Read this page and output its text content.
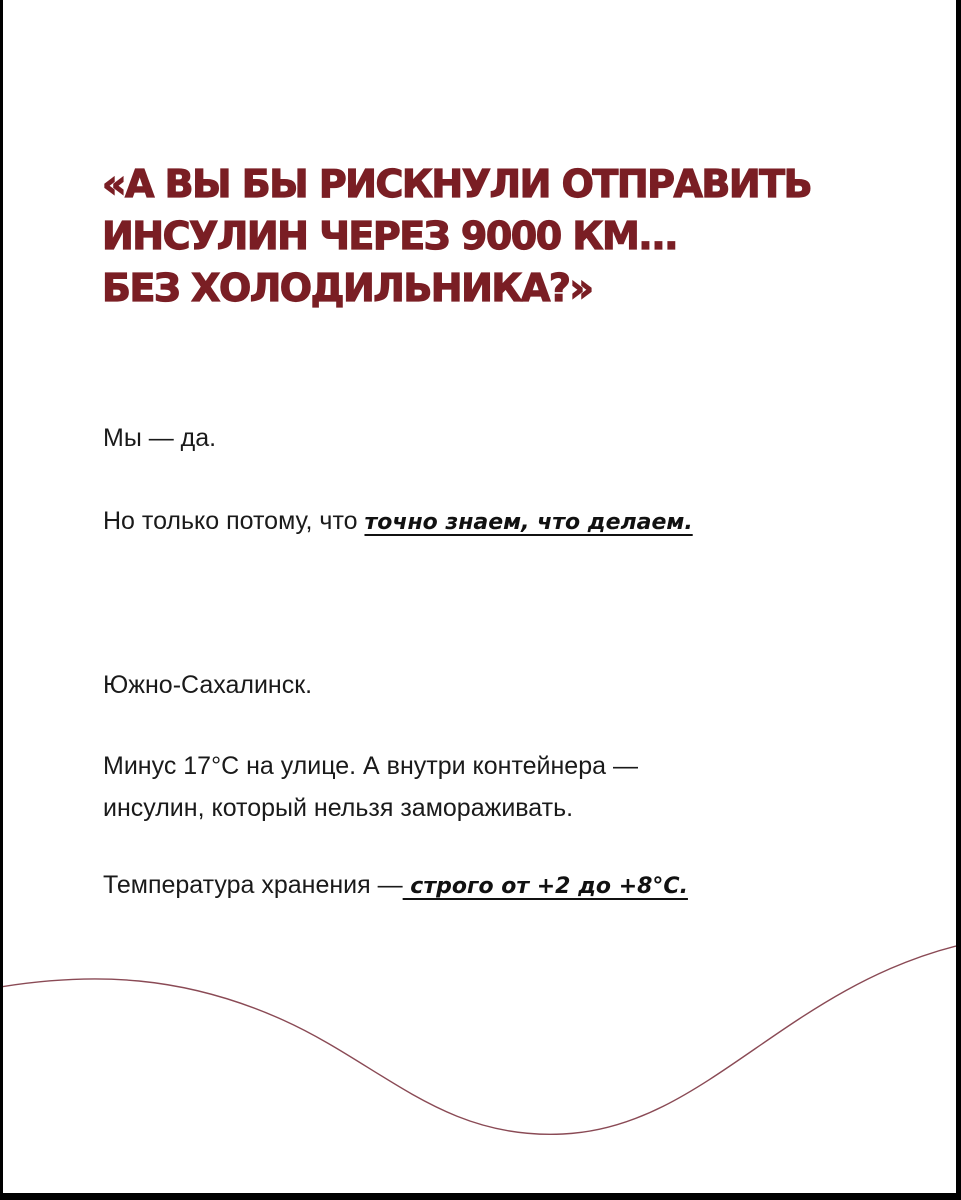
«А ВЫ БЫ РИСКНУЛИ ОТПРАВИТЬ
ИНСУЛИН ЧЕРЕЗ 9000 КМ...
БЕЗ ХОЛОДИЛЬНИКА?»

Мы — да.

Но только потому, что точно знаем, что делаем.

Южно-Сахалинск.

Минус 17°С на улице. А внутри контейнера —
инсулин, который нельзя замораживать.

Температура хранения — строго от +2 до +8°С.
